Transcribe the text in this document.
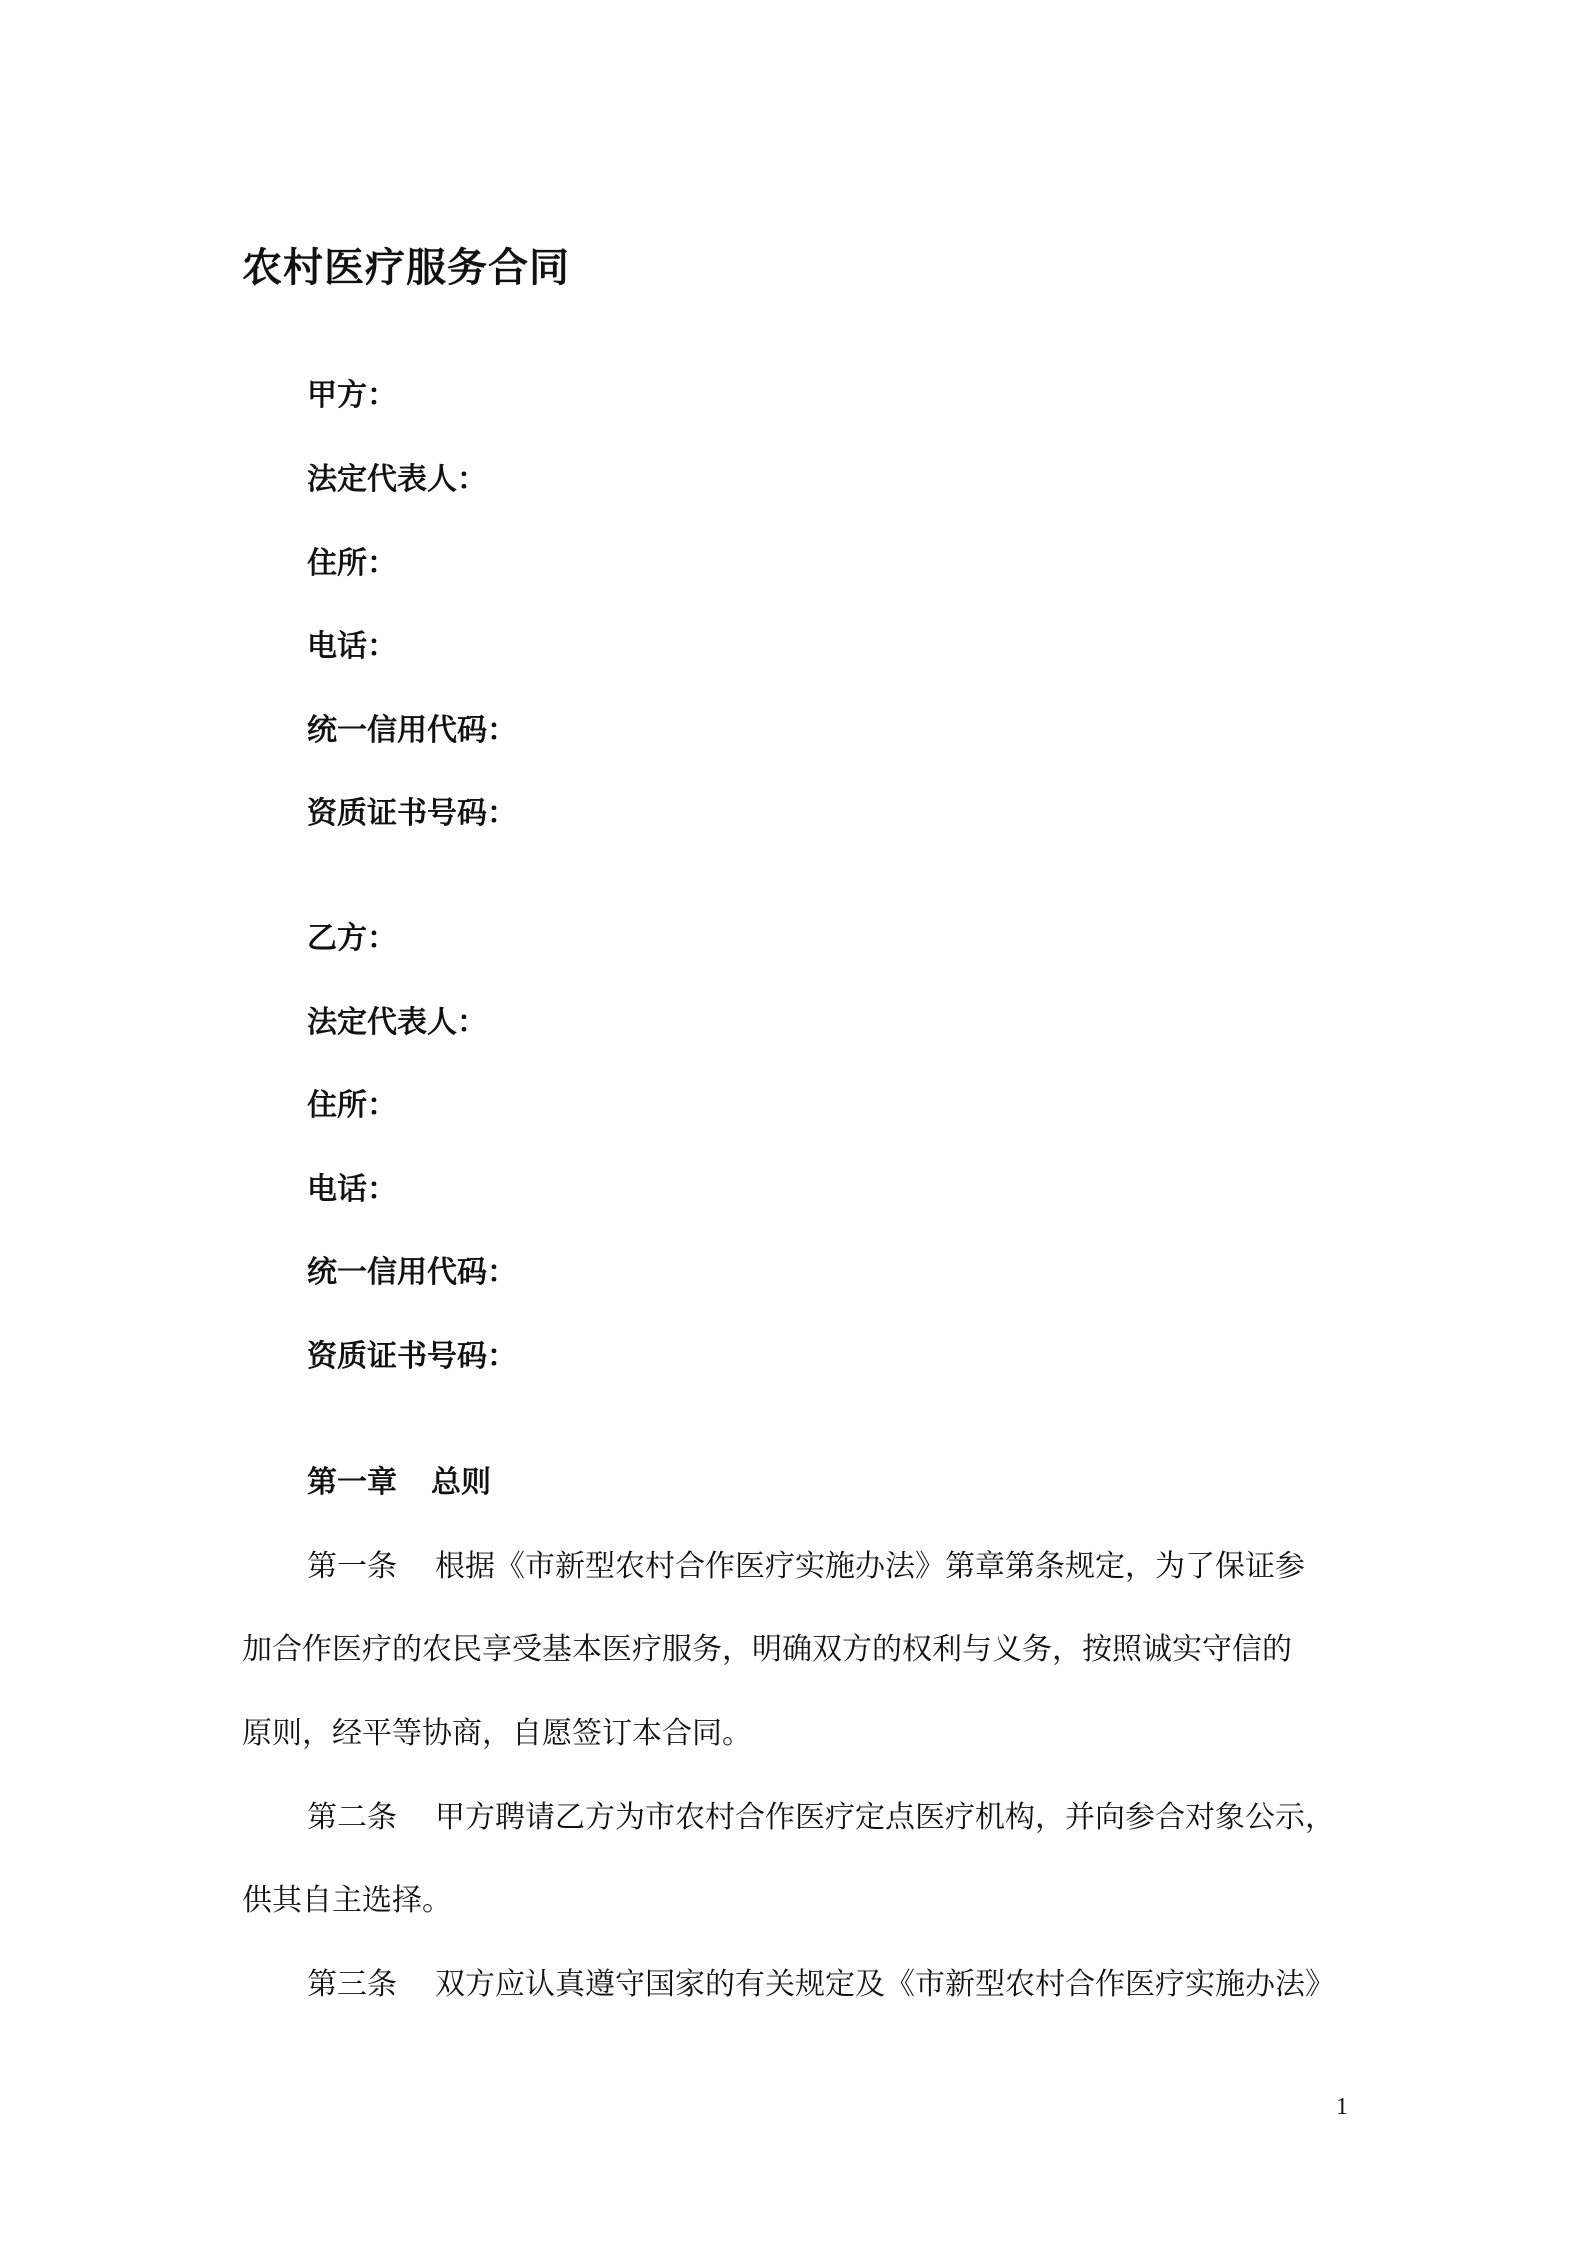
农村医疗服务合同
甲方：
法定代表人：
住所：
电话：
统一信用代码：
资质证书号码：
乙方：
法定代表人：
住所：
电话：
统一信用代码：
资质证书号码：
第一章 总则
第一条 根据《市新型农村合作医疗实施办法》第章第条规定，为了保证参
加合作医疗的农民享受基本医疗服务，明确双方的权利与义务，按照诚实守信的
原则，经平等协商，自愿签订本合同。
第二条 甲方聘请乙方为市农村合作医疗定点医疗机构，并向参合对象公示，
供其自主选择。
第三条 双方应认真遵守国家的有关规定及《市新型农村合作医疗实施办法》
1
